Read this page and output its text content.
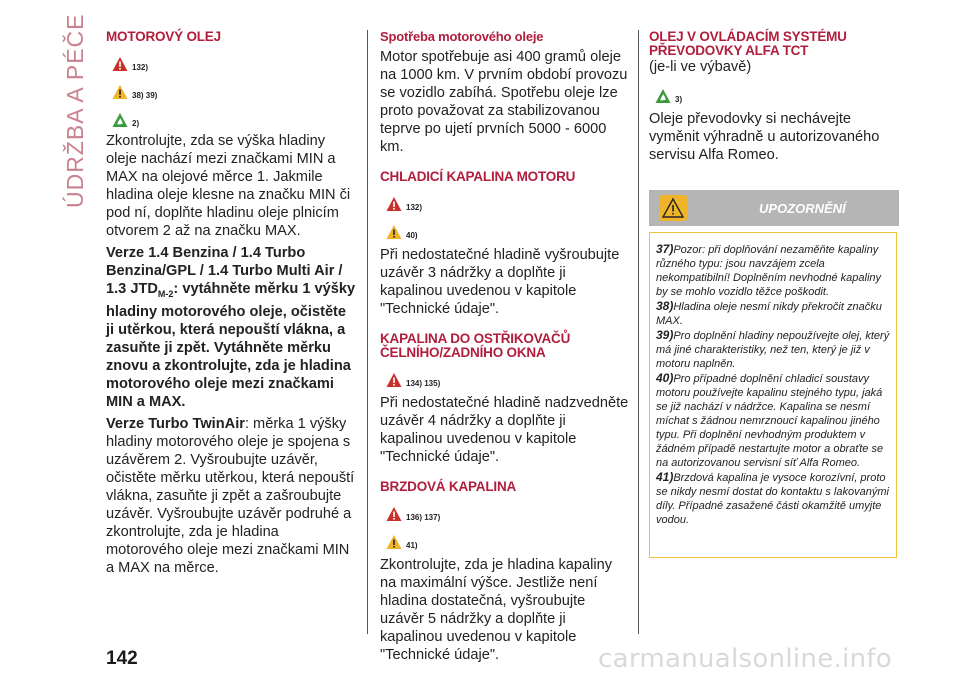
ÚDRŽBA A PÉČE MOTOROVÝ OLEJ
132)
38) 39)
2)

Zkontrolujte, zda se výška hladiny oleje nachází mezi značkami MIN a MAX na olejové měrce 1. Jakmile hladina oleje klesne na značku MIN či pod ní, doplňte hladinu oleje plnicím otvorem 2 až na značku MAX.

Verze 1.4 Benzina / 1.4 Turbo Benzina/GPL / 1.4 Turbo Multi Air / 1.3 $JTD_{M-2}$: vytáhněte měrku 1 výšky hladiny motorového oleje, očistěte ji utěrkou, která nepouští vlákna, a zasuňte ji zpět. Vytáhněte měrku znovu a zkontrolujte, zda je hladina motorového oleje mezi značkami MIN a MAX.

Verze Turbo TwinAir: měrka 1 výšky hladiny motorového oleje je spojena s uzávěrem 2. Vyšroubujte uzávěr, očistěte měrku utěrkou, která nepouští vlákna, zasuňte ji zpět a zašroubujte uzávěr. Vyšroubujte uzávěr podruhé a zkontrolujte, zda je hladina motorového oleje mezi značkami MIN a MAX na měrce.

Spotřeba motorového oleje

Motor spotřebuje asi 400 gramů oleje na 1000 km. V prvním období provozu se vozidlo zabíhá. Spotřebu oleje lze proto považovat za stabilizovanou teprve po ujetí prvních 5000 - 6000 km.

CHLADICÍ KAPALINA MOTORU
132)
40)

Při nedostatečné hladině vyšroubujte uzávěr 3 nádržky a doplňte ji kapalinou uvedenou v kapitole "Technické údaje".

KAPALINA DO OSTŘIKOVAČŮ
ČELNÍHO/ZADNÍHO OKNA
134) 135)

Při nedostatečné hladině nadzvedněte uzávěr 4 nádržky a doplňte ji kapalinou uvedenou v kapitole "Technické údaje".

BRZDOVÁ KAPALINA
136) 137)
41)

Zkontrolujte, zda je hladina kapaliny na maximální výšce. Jestliže není hladina dostatečná, vyšroubujte uzávěr 5 nádržky a doplňte ji kapalinou uvedenou v kapitole "Technické údaje".

OLEJ V OVLÁDACÍM SYSTÉMU
PŘEVODOVKY ALFA TCT

(je-li ve výbavě)

3)

Oleje převodovky si nechávejte vyměnit výhradně u autorizovaného servisu Alfa Romeo.

UPOZORNĚNÍ

37)Pozor: při doplňování nezaměňte kapaliny různého typu: jsou navzájem zcela nekompatibilní! Doplněním nevhodné kapaliny by se mohlo vozidlo těžce poškodit.

38)Hladina oleje nesmí nikdy překročit značku MAX.

39)Pro doplnění hladiny nepoužívejte olej, který má jiné charakteristiky, než ten, který je již v motoru naplněn.

40)Pro případné doplnění chladicí soustavy motoru používejte kapalinu stejného typu, jaká se již nachází v nádržce. Kapalina se nesmí míchat s žádnou nemrznoucí kapalinou jiného typu. Při doplnění nevhodným produktem v žádném případě nestartujte motor a obraťte se na autorizovanou servisní síť Alfa Romeo.

41)Brzdová kapalina je vysoce korozívní, proto se nikdy nesmí dostat do kontaktu s lakovanými díly. Případné zasažené části okamžitě umyjte vodou.

142	carmanualsonline.info
